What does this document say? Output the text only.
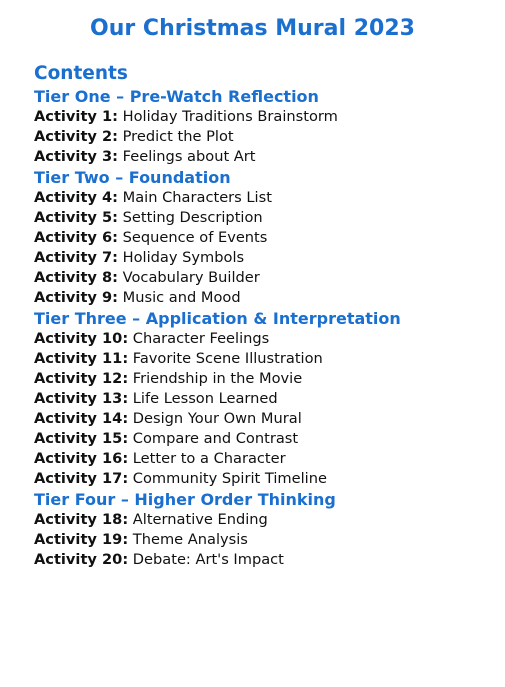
Our Christmas Mural 2023
Contents
Tier One – Pre-Watch Reflection
Activity 1: Holiday Traditions Brainstorm
Activity 2: Predict the Plot
Activity 3: Feelings about Art
Tier Two – Foundation
Activity 4: Main Characters List
Activity 5: Setting Description
Activity 6: Sequence of Events
Activity 7: Holiday Symbols
Activity 8: Vocabulary Builder
Activity 9: Music and Mood
Tier Three – Application & Interpretation
Activity 10: Character Feelings
Activity 11: Favorite Scene Illustration
Activity 12: Friendship in the Movie
Activity 13: Life Lesson Learned
Activity 14: Design Your Own Mural
Activity 15: Compare and Contrast
Activity 16: Letter to a Character
Activity 17: Community Spirit Timeline
Tier Four – Higher Order Thinking
Activity 18: Alternative Ending
Activity 19: Theme Analysis
Activity 20: Debate: Art's Impact
